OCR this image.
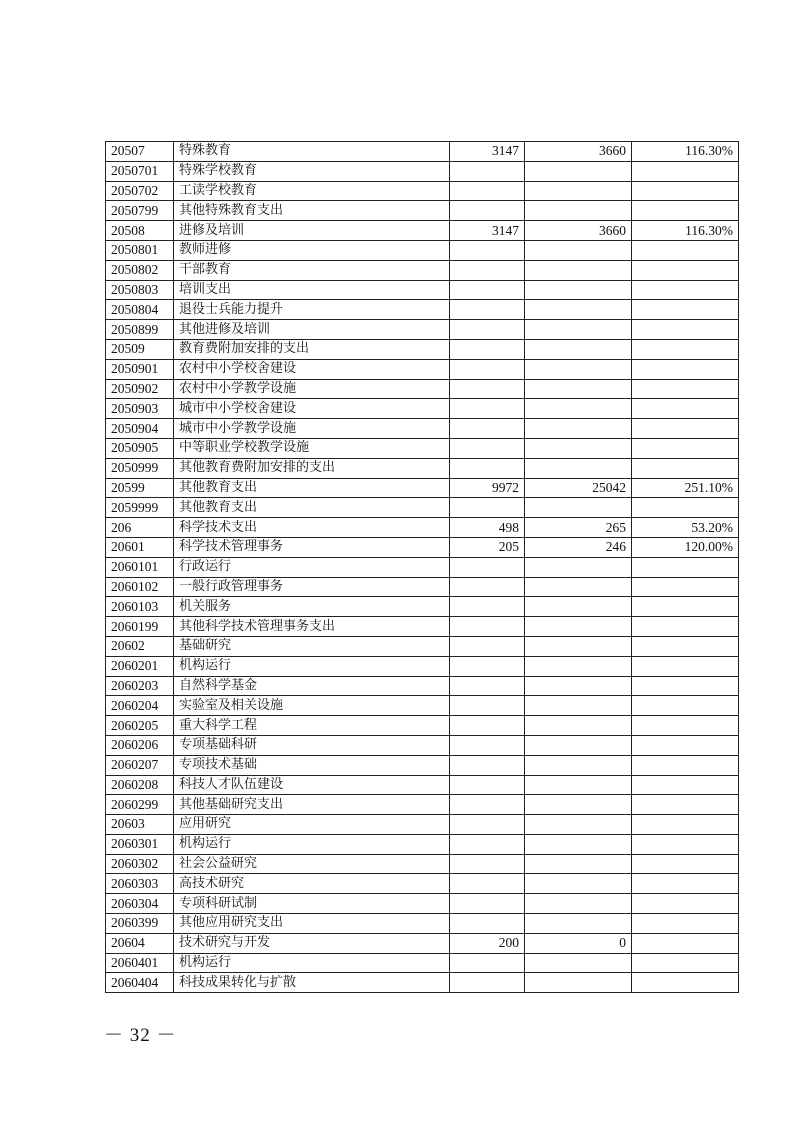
20507	特殊教育	3147	3660	116.30%
2050701	特殊学校教育			
2050702	工读学校教育			
2050799	其他特殊教育支出			
20508	进修及培训	3147	3660	116.30%
2050801	教师进修			
2050802	干部教育			
2050803	培训支出			
2050804	退役士兵能力提升			
2050899	其他进修及培训			
20509	教育费附加安排的支出			
2050901	农村中小学校舍建设			
2050902	农村中小学教学设施			
2050903	城市中小学校舍建设			
2050904	城市中小学教学设施			
2050905	中等职业学校教学设施			
2050999	其他教育费附加安排的支出			
20599	其他教育支出	9972	25042	251.10%
2059999	其他教育支出			
206	科学技术支出	498	265	53.20%
20601	科学技术管理事务	205	246	120.00%
2060101	行政运行			
2060102	一般行政管理事务			
2060103	机关服务			
2060199	其他科学技术管理事务支出			
20602	基础研究			
2060201	机构运行			
2060203	自然科学基金			
2060204	实验室及相关设施			
2060205	重大科学工程			
2060206	专项基础科研			
2060207	专项技术基础			
2060208	科技人才队伍建设			
2060299	其他基础研究支出			
20603	应用研究			
2060301	机构运行			
2060302	社会公益研究			
2060303	高技术研究			
2060304	专项科研试制			
2060399	其他应用研究支出			
20604	技术研究与开发	200	0	
2060401	机构运行			
2060404	科技成果转化与扩散			
－ 32 －
